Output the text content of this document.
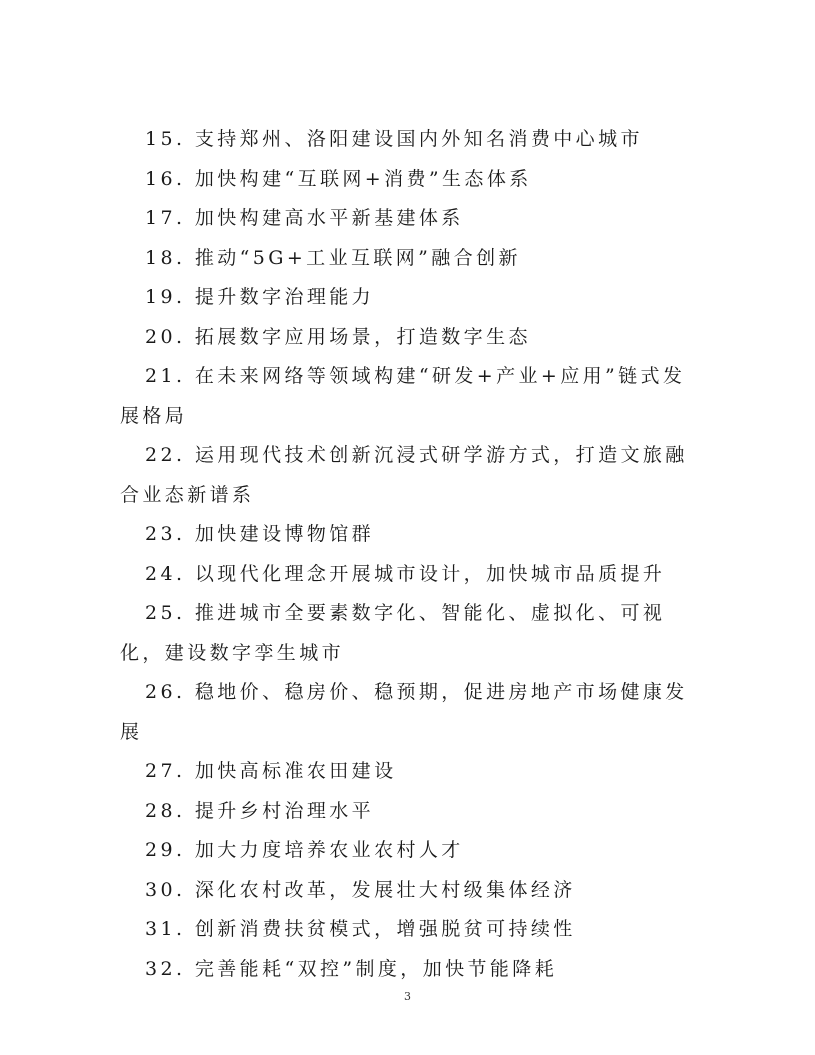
15. 支持郑州、洛阳建设国内外知名消费中心城市

16. 加快构建“互联网+消费”生态体系

17. 加快构建高水平新基建体系

18. 推动“5G+工业互联网”融合创新

19. 提升数字治理能力

20. 拓展数字应用场景，打造数字生态

21. 在未来网络等领域构建“研发+产业+应用”链式发展格局

22. 运用现代技术创新沉浸式研学游方式，打造文旅融合业态新谱系

23. 加快建设博物馆群

24. 以现代化理念开展城市设计，加快城市品质提升

25. 推进城市全要素数字化、智能化、虚拟化、可视化，建设数字孪生城市

26. 稳地价、稳房价、稳预期，促进房地产市场健康发展

27. 加快高标准农田建设

28. 提升乡村治理水平

29. 加大力度培养农业农村人才

30. 深化农村改革，发展壮大村级集体经济

31. 创新消费扶贫模式，增强脱贫可持续性

32. 完善能耗“双控”制度，加快节能降耗

3
